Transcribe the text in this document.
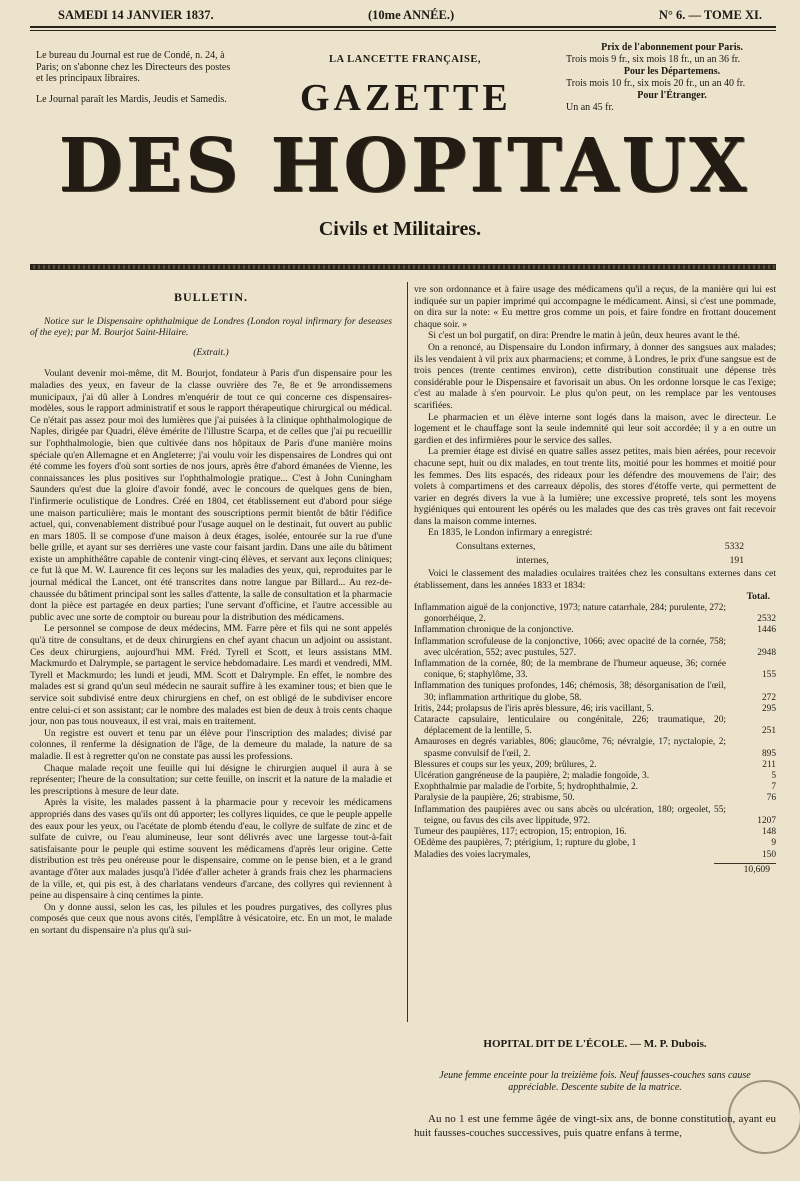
SAMEDI 14 JANVIER 1837.	(10me ANNÉE.)	N° 6. — TOME XI.

Le bureau du Journal est rue de Condé, n. 24, à Paris; on s'abonne chez les Directeurs des postes et les principaux libraires.

Le Journal paraît les Mardis, Jeudis et Samedis.

LA LANCETTE FRANÇAISE,
GAZETTE
Prix de l'abonnement pour Paris.

Trois mois 9 fr., six mois 18 fr., un an 36 fr.

Pour les Départemens.

Trois mois 10 fr., six mois 20 fr., un an 40 fr.

Pour l'Étranger.

Un an 45 fr.

DES HOPITAUX
Civils et Militaires.
BULLETIN.

Notice sur le Dispensaire ophthalmique de Londres (London royal infirmary for deseases of the eye); par M. Bourjot Saint-Hilaire.

(Extrait.)

Voulant devenir moi-même, dit M. Bourjot, fondateur à Paris d'un dispensaire pour les maladies des yeux, en faveur de la classe ouvrière des 7e, 8e et 9e arrondissemens municipaux, j'ai dû aller à Londres m'enquérir de tout ce qui concerne ces dispensaires-modèles, sous le rapport administratif et sous le rapport thérapeutique chirurgical ou médical. Ce n'était pas assez pour moi des lumières que j'ai puisées à la clinique ophthalmologique de Naples, dirigée par Quadri, élève émérite de l'illustre Scarpa, et de celles que j'ai pu recueillir sur l'ophthalmologie, bien que cultivée dans nos hôpitaux de Paris d'une manière moins spéciale qu'en Allemagne et en Angleterre; j'ai voulu voir les dispensaires de Londres qui ont été comme les foyers d'où sont sorties de nos jours, après être d'abord émanées de Vienne, les connaissances les plus positives sur l'ophthalmologie pratique... C'est à John Cuningham Saunders qu'est due la gloire d'avoir fondé, avec le concours de quelques gens de bien, l'infirmerie oculistique de Londres. Créé en 1804, cet établissement eut d'abord pour siége une maison particulière; mais le montant des souscriptions permit bientôt de bâtir l'édifice actuel, qui, convenablement distribué pour l'usage auquel on le destinait, fut ouvert au public en mars 1805. Il se compose d'une maison à deux étages, isolée, entourée sur la rue d'une belle grille, et ayant sur ses derrières une vaste cour faisant jardin. Dans une aile du bâtiment existe un amphithéâtre capable de contenir vingt-cinq élèves, et servant aux leçons cliniques; ce fut là que M. W. Laurence fit ces leçons sur les maladies des yeux, qui, reproduites par le journal médical the Lancet, ont été transcrites dans notre langue par Billard... Au rez-de-chaussée du bâtiment principal sont les salles d'attente, la salle de consultation et la pharmacie dont la pièce est partagée en deux parties; l'une servant d'officine, et l'autre accessible au public avec une sorte de comptoir ou bureau pour la distribution des médicamens.

Le personnel se compose de deux médecins, MM. Farre père et fils qui ne sont appelés qu'à titre de consultans, et de deux chirurgiens en chef ayant chacun un adjoint ou assistant. Ces deux chirurgiens, aujourd'hui MM. Fréd. Tyrell et Scott, et leurs assistans MM. Mackmurdo et Dalrymple, se partagent le service hebdomadaire. Les mardi et vendredi, MM. Tyrell et Mackmurdo; les lundi et jeudi, MM. Scott et Dalrymple. En effet, le nombre des malades est si grand qu'un seul médecin ne saurait suffire à les examiner tous; et bien que le service soit subdivisé entre deux chirurgiens en chef, on est obligé de le subdiviser encore entre celui-ci et son assistant; car le nombre des malades est bien de deux à trois cents chaque jour, non pas tous nouveaux, il est vrai, mais en traitement.

Un registre est ouvert et tenu par un élève pour l'inscription des malades; divisé par colonnes, il renferme la désignation de l'âge, de la demeure du malade, la nature de sa maladie. Il est à regretter qu'on ne constate pas aussi les professions.

Chaque malade reçoit une feuille qui lui désigne le chirurgien auquel il aura à se représenter; l'heure de la consultation; sur cette feuille, on inscrit et la nature de la maladie et les prescriptions à mesure de leur date.

Après la visite, les malades passent à la pharmacie pour y recevoir les médicamens appropriés dans des vases qu'ils ont dû apporter; les collyres liquides, ce que le peuple appelle des eaux pour les yeux, ou l'acétate de plomb étendu d'eau, le collyre de sulfate de zinc et de sulfate de cuivre, ou l'eau alumineuse, leur sont délivrés avec une largesse tout-à-fait satisfaisante pour le peuple qui estime souvent les médicamens d'après leur origine. Cette distribution est très peu onéreuse pour le dispensaire, comme on le pense bien, et a le grand avantage d'ôter aux malades jusqu'à l'idée d'aller acheter à grands frais chez les pharmaciens de la ville, et, qui pis est, à des charlatans vendeurs d'arcane, des collyres qui reviennent à peine au dispensaire à cinq centimes la pinte.

On y donne aussi, selon les cas, les pilules et les poudres purgatives, des collyres plus composés que ceux que nous avons cités, l'emplâtre à vésicatoire, etc. En un mot, le malade en sortant du dispensaire n'a plus qu'à sui-

vre son ordonnance et à faire usage des médicamens qu'il a reçus, de la manière qui lui est indiquée sur un papier imprimé qui accompagne le médicament. Ainsi, si c'est une pommade, on dira sur la note: « Eu mettre gros comme un pois, et faire fondre en frottant doucement chaque soir. »

Si c'est un bol purgatif, on dira: Prendre le matin à jeûn, deux heures avant le thé.

On a renoncé, au Dispensaire du London infirmary, à donner des sangsues aux malades; ils les vendaient à vil prix aux pharmaciens; et comme, à Londres, le prix d'une sangsue est de trois pences (trente centimes environ), cette distribution constituait une dépense très considérable pour le Dispensaire et favorisait un abus. On les ordonne lorsque le cas l'exige; c'est au malade à s'en pourvoir. Le plus qu'on peut, on les remplace par les ventouses scarifiées.

Le pharmacien et un élève interne sont logés dans la maison, avec le directeur. Le logement et le chauffage sont la seule indemnité qui leur soit accordée; il y a en outre un gardien et des infirmières pour le service des salles.

La premier étage est divisé en quatre salles assez petites, mais bien aérées, pour recevoir chacune sept, huit ou dix malades, en tout trente lits, moitié pour les hommes et moitié pour les femmes. Des lits espacés, des rideaux pour les défendre des mouvemens de l'air; des volets à compartimens et des carreaux dépolis, des stores d'étoffe verte, qui permettent de varier en degrés divers la vue à la lumière; une excessive propreté, tels sont les moyens hygiéniques qui entourent les opérés ou les malades que des cas très graves ont fait recevoir dans la maison comme internes.

En 1835, le London infirmary a enregistré:

Consultans externes,	5332
internes,	191

Voici le classement des maladies oculaires traitées chez les consultans externes dans cet établissement, dans les années 1833 et 1834:

Total.
Inflammation aiguë de la conjonctive, 1973; nature catarrhale, 284; purulente, 272; gonorrhéique, 2.	2532
Inflammation chronique de la conjonctive.	1446
Inflammation scrofuleuse de la conjonctive, 1066; avec opacité de la cornée, 758; avec ulcération, 552; avec pustules, 527.	2948
Inflammation de la cornée, 80; de la membrane de l'humeur aqueuse, 36; cornée conique, 6; staphylôme, 33.	155
Inflammation des tuniques profondes, 146; chémosis, 38; désorganisation de l'œil, 30; inflammation arthritique du globe, 58.	272
Iritis, 244; prolapsus de l'iris après blessure, 46; iris vacillant, 5.	295
Cataracte capsulaire, lenticulaire ou congénitale, 226; traumatique, 20; déplacement de la lentille, 5.	251
Amauroses en degrés variables, 806; glaucôme, 76; névralgie, 17; nyctalopie, 2; spasme convulsif de l'œil, 2.	895
Blessures et coups sur les yeux, 209; brûlures, 2.	211
Ulcération gangréneuse de la paupière, 2; maladie fongoïde, 3.	5
Exophthalmie par maladie de l'orbite, 5; hydrophthalmie, 2.	7
Paralysie de la paupière, 26; strabisme, 50.	76
Inflammation des paupières avec ou sans abcès ou ulcération, 180; orgeolet, 55; teigne, ou favus des cils avec lippitude, 972.	1207
Tumeur des paupières, 117; ectropion, 15; entropion, 16.	148
OEdème des paupières, 7; ptérigium, 1; rupture du globe, 1	9
Maladies des voies lacrymales,	150
10,609
HOPITAL DIT DE L'ÉCOLE. — M. P. Dubois.
Jeune femme enceinte pour la treizième fois. Neuf fausses-couches sans cause appréciable. Descente subite de la matrice.

Au no 1 est une femme âgée de vingt-six ans, de bonne constitution, ayant eu huit fausses-couches successives, puis quatre enfans à terme,
